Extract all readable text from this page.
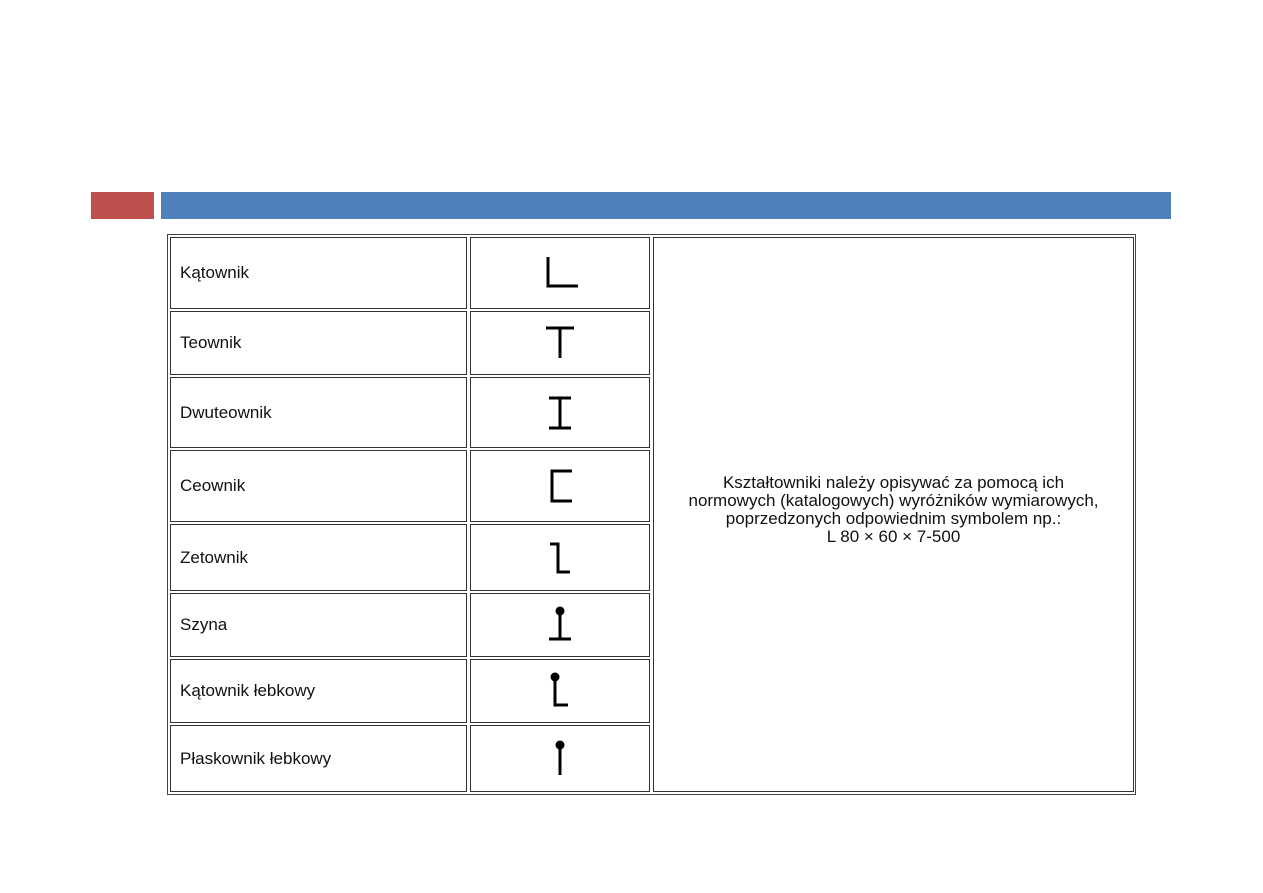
Kątownik
Teownik
Dwuteownik
Ceownik
Zetownik
Szyna
Kątownik łebkowy
Płaskownik łebkowy
Kształtowniki należy opisywać za pomocą ich
normowych (katalogowych) wyróżników wymiarowych,
poprzedzonych odpowiednim symbolem np.:
L 80 × 60 × 7-500
